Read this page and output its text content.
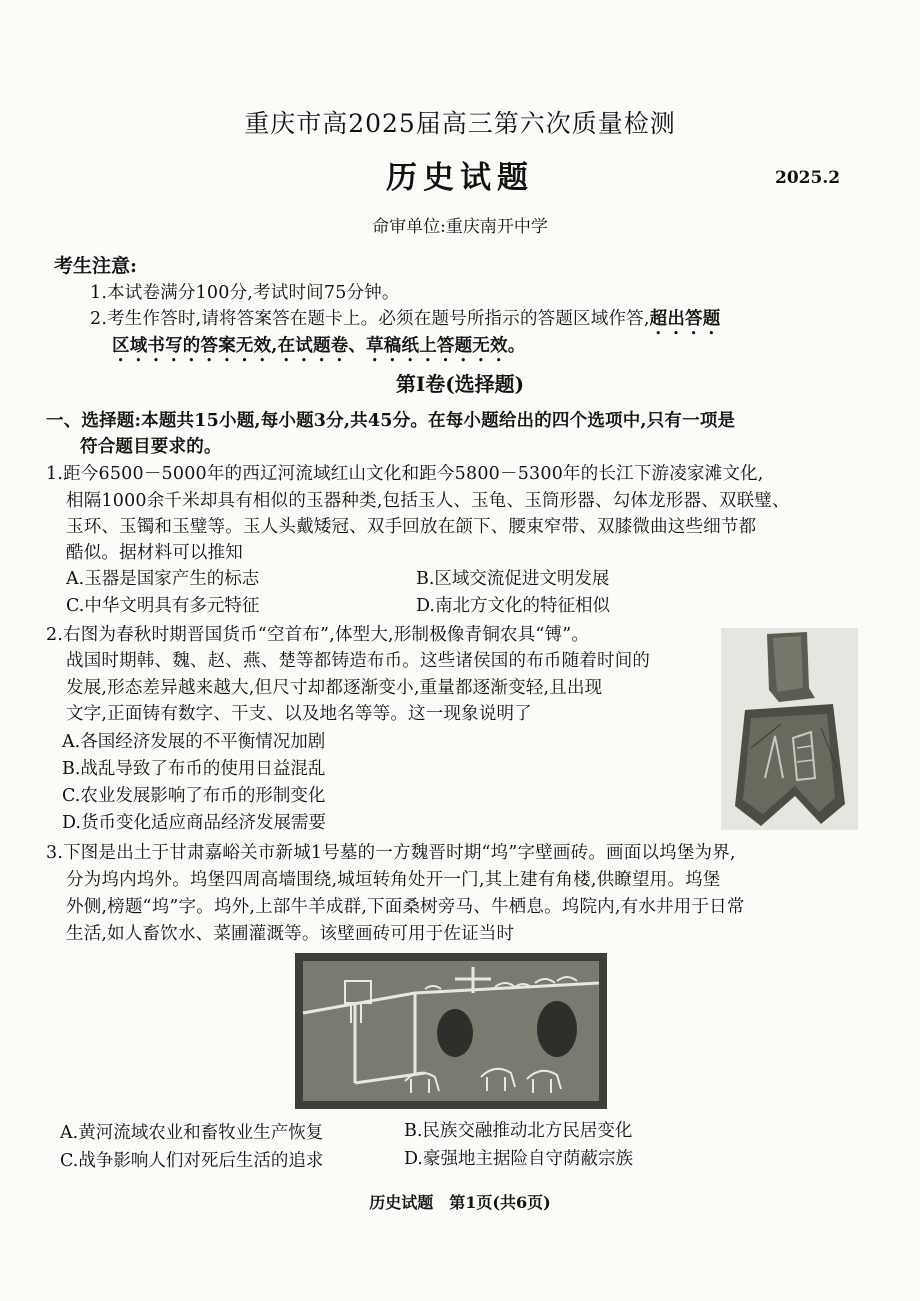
重庆市高2025届高三第六次质量检测
历史试题	2025.2
命审单位:重庆南开中学
考生注意:
1.本试卷满分100分,考试时间75分钟。
2.考生作答时,请将答案答在题卡上。必须在题号所指示的答题区域作答,超出答题
区域书写的答案无效,在试题卷、草稿纸上答题无效。
第Ⅰ卷(选择题)
一、选择题:本题共15小题,每小题3分,共45分。在每小题给出的四个选项中,只有一项是
符合题目要求的。
1.距今6500－5000年的西辽河流域红山文化和距今5800－5300年的长江下游凌家滩文化,
相隔1000余千米却具有相似的玉器种类,包括玉人、玉龟、玉筒形器、勾体龙形器、双联璧、
玉环、玉镯和玉璧等。玉人头戴矮冠、双手回放在颌下、腰束窄带、双膝微曲这些细节都
酷似。据材料可以推知
A.玉器是国家产生的标志	B.区域交流促进文明发展
C.中华文明具有多元特征	D.南北方文化的特征相似
2.右图为春秋时期晋国货币“空首布”,体型大,形制极像青铜农具“镈”。
战国时期韩、魏、赵、燕、楚等都铸造布币。这些诸侯国的布币随着时间的
发展,形态差异越来越大,但尺寸却都逐渐变小,重量都逐渐变轻,且出现
文字,正面铸有数字、干支、以及地名等等。这一现象说明了
A.各国经济发展的不平衡情况加剧
B.战乱导致了布币的使用日益混乱
C.农业发展影响了布币的形制变化
D.货币变化适应商品经济发展需要
3.下图是出土于甘肃嘉峪关市新城1号墓的一方魏晋时期“坞”字壁画砖。画面以坞堡为界,
分为坞内坞外。坞堡四周高墙围绕,城垣转角处开一门,其上建有角楼,供瞭望用。坞堡
外侧,榜题“坞”字。坞外,上部牛羊成群,下面桑树旁马、牛栖息。坞院内,有水井用于日常
生活,如人畜饮水、菜圃灌溉等。该壁画砖可用于佐证当时
A.黄河流域农业和畜牧业生产恢复	B.民族交融推动北方民居变化
C.战争影响人们对死后生活的追求	D.豪强地主据险自守荫蔽宗族
历史试题　第1页(共6页)
